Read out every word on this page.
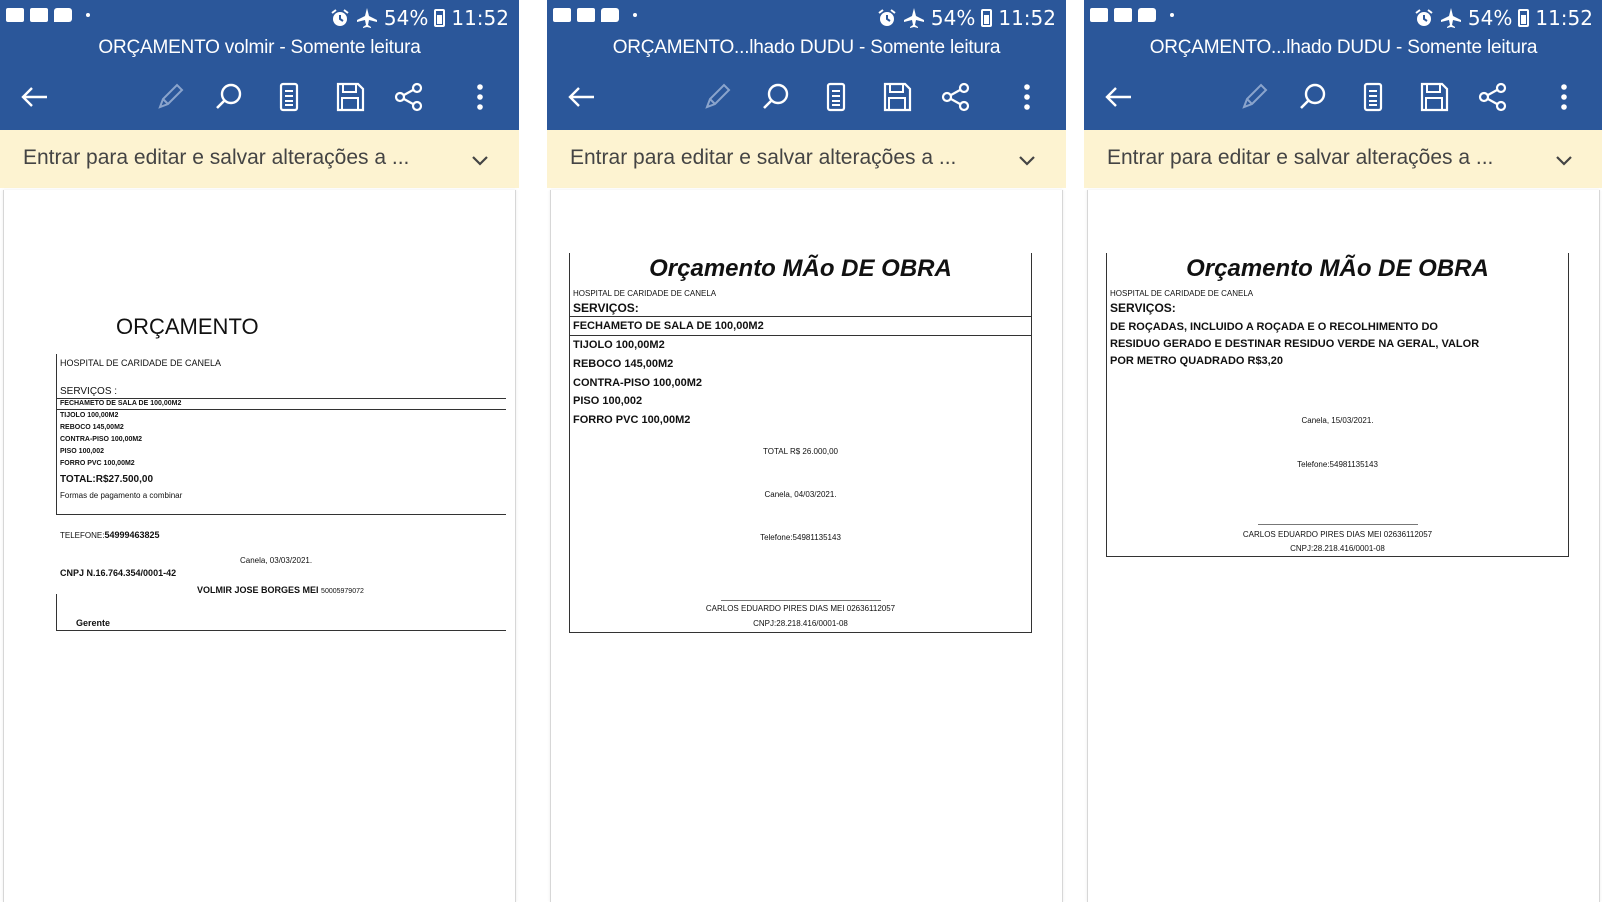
54% 11:52
ORÇAMENTO volmir - Somente leitura
Entrar para editar e salvar alterações a ...
ORÇAMENTO
HOSPITAL DE CARIDADE DE CANELA
SERVIÇOS :
FECHAMETO DE SALA DE 100,00M2
TIJOLO 100,00M2
REBOCO 145,00M2
CONTRA-PISO 100,00M2
PISO 100,002
FORRO PVC 100,00M2
TOTAL:R$27.500,00
Formas de pagamento a combinar
TELEFONE:54999463825
Canela, 03/03/2021.
CNPJ N.16.764.354/0001-42
VOLMIR JOSE BORGES MEI 50005979072
Gerente
54% 11:52
ORÇAMENTO...lhado DUDU - Somente leitura
Entrar para editar e salvar alterações a ...
Orçamento MÃo DE OBRA
HOSPITAL DE CARIDADE DE CANELA
SERVIÇOS:
FECHAMETO DE SALA DE 100,00M2
TIJOLO 100,00M2
REBOCO 145,00M2
CONTRA-PISO 100,00M2
PISO 100,002
FORRO PVC 100,00M2
TOTAL R$ 26.000,00
Canela, 04/03/2021.
Telefone:54981135143
CARLOS EDUARDO PIRES DIAS MEI 02636112057
CNPJ:28.218.416/0001-08
54% 11:52
ORÇAMENTO...lhado DUDU - Somente leitura
Entrar para editar e salvar alterações a ...
Orçamento MÃo DE OBRA
HOSPITAL DE CARIDADE DE CANELA
SERVIÇOS:
DE ROÇADAS, INCLUIDO A ROÇADA E O RECOLHIMENTO DO
RESIDUO GERADO E DESTINAR RESIDUO VERDE NA GERAL, VALOR
POR METRO QUADRADO R$3,20
Canela, 15/03/2021.
Telefone:54981135143
CARLOS EDUARDO PIRES DIAS MEI 02636112057
CNPJ:28.218.416/0001-08
